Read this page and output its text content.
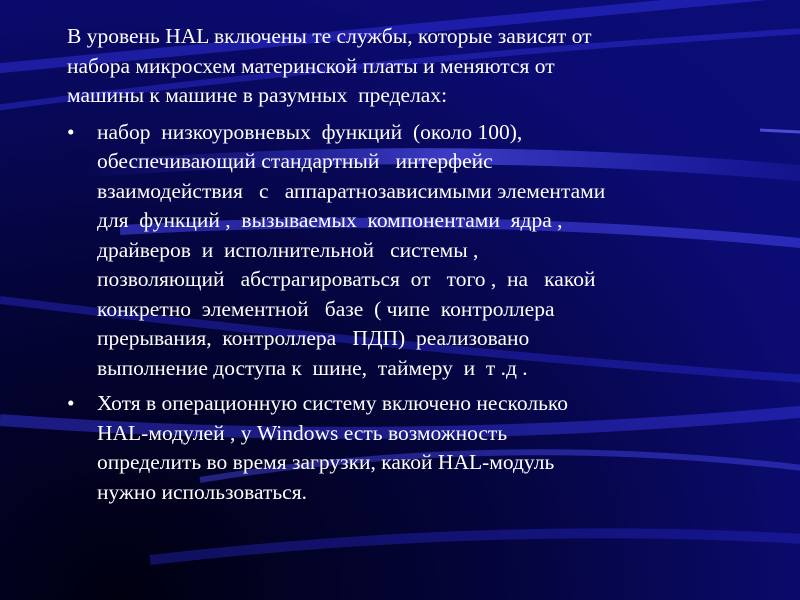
В уровень HAL включены те службы, которые зависят от
набора микросхем материнской платы и меняются от
машины к машине в разумных  пределах:

•	набор  низкоуровневых  функций  (около 100),
обеспечивающий стандартный   интерфейс
взаимодействия   с   аппаратнозависимыми элементами
для  функций ,  вызываемых  компонентами  ядра ,
драйверов  и  исполнительной   системы ,
позволяющий   абстрагироваться  от   того ,  на   какой
конкретно  элементной   базе  ( чипе  контроллера
прерывания,  контроллера   ПДП)  реализовано
выполнение доступа к  шине,  таймеру  и  т .д .
•	Хотя в операционную систему включено несколько
HAL-модулей , у Windows есть возможность
определить во время загрузки, какой HAL-модуль
нужно использоваться.
